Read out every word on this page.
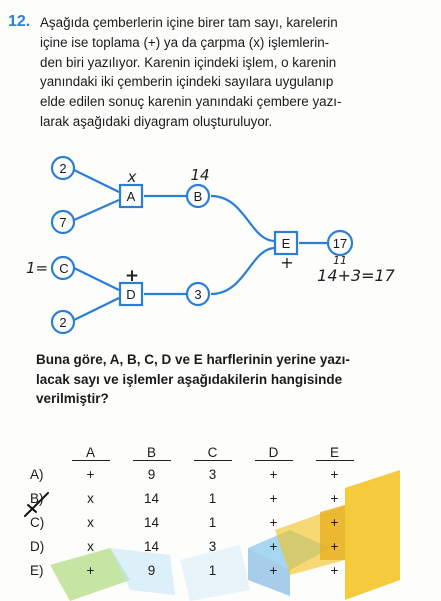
12. Aşağıda çemberlerin içine birer tam sayı, karelerin
içine ise toplama (+) ya da çarpma (x) işlemlerin-
den biri yazılıyor. Karenin içindeki işlem, o karenin
yanındaki iki çemberin içindeki sayılara uygulanıp
elde edilen sonuç karenin yanındaki çembere yazı-
larak aşağıdaki diyagram oluşturuluyor.
2
7
C
2
B
3
17
A
D
E
x	14
+
+	11
14+3=17
1=
Buna göre, A, B, C, D ve E harflerinin yerine yazı-
lacak sayı ve işlemler aşağıdakilerin hangisinde
verilmiştir?
	A	B	C	D	E
A)	+	9	3	+	+
B)	x	14	1	+	+
C)	x	14	1	+	+
D)	x	14	3	+	+
E)	+	9	1	+	+
